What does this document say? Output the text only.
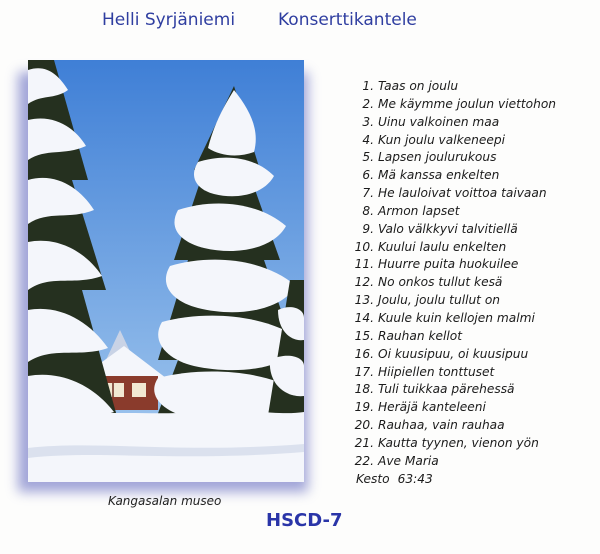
Helli Syrjäniemi	Konserttikantele
Kangasalan museo
1. Taas on joulu
2. Me käymme joulun viettohon
3. Uinu valkoinen maa
4. Kun joulu valkeneepi
5. Lapsen joulurukous
6. Mä kanssa enkelten
7. He lauloivat voittoa taivaan
8. Armon lapset
9. Valo välkkyvi talvitiellä
10. Kuului laulu enkelten
11. Huurre puita huokuilee
12. No onkos tullut kesä
13. Joulu, joulu tullut on
14. Kuule kuin kellojen malmi
15. Rauhan kellot
16. Oi kuusipuu, oi kuusipuu
17. Hiipiellen tonttuset
18. Tuli tuikkaa pärehessä
19. Heräjä kanteleeni
20. Rauhaa, vain rauhaa
21. Kautta tyynen, vienon yön
22. Ave Maria
Kesto 63:43
HSCD-7
